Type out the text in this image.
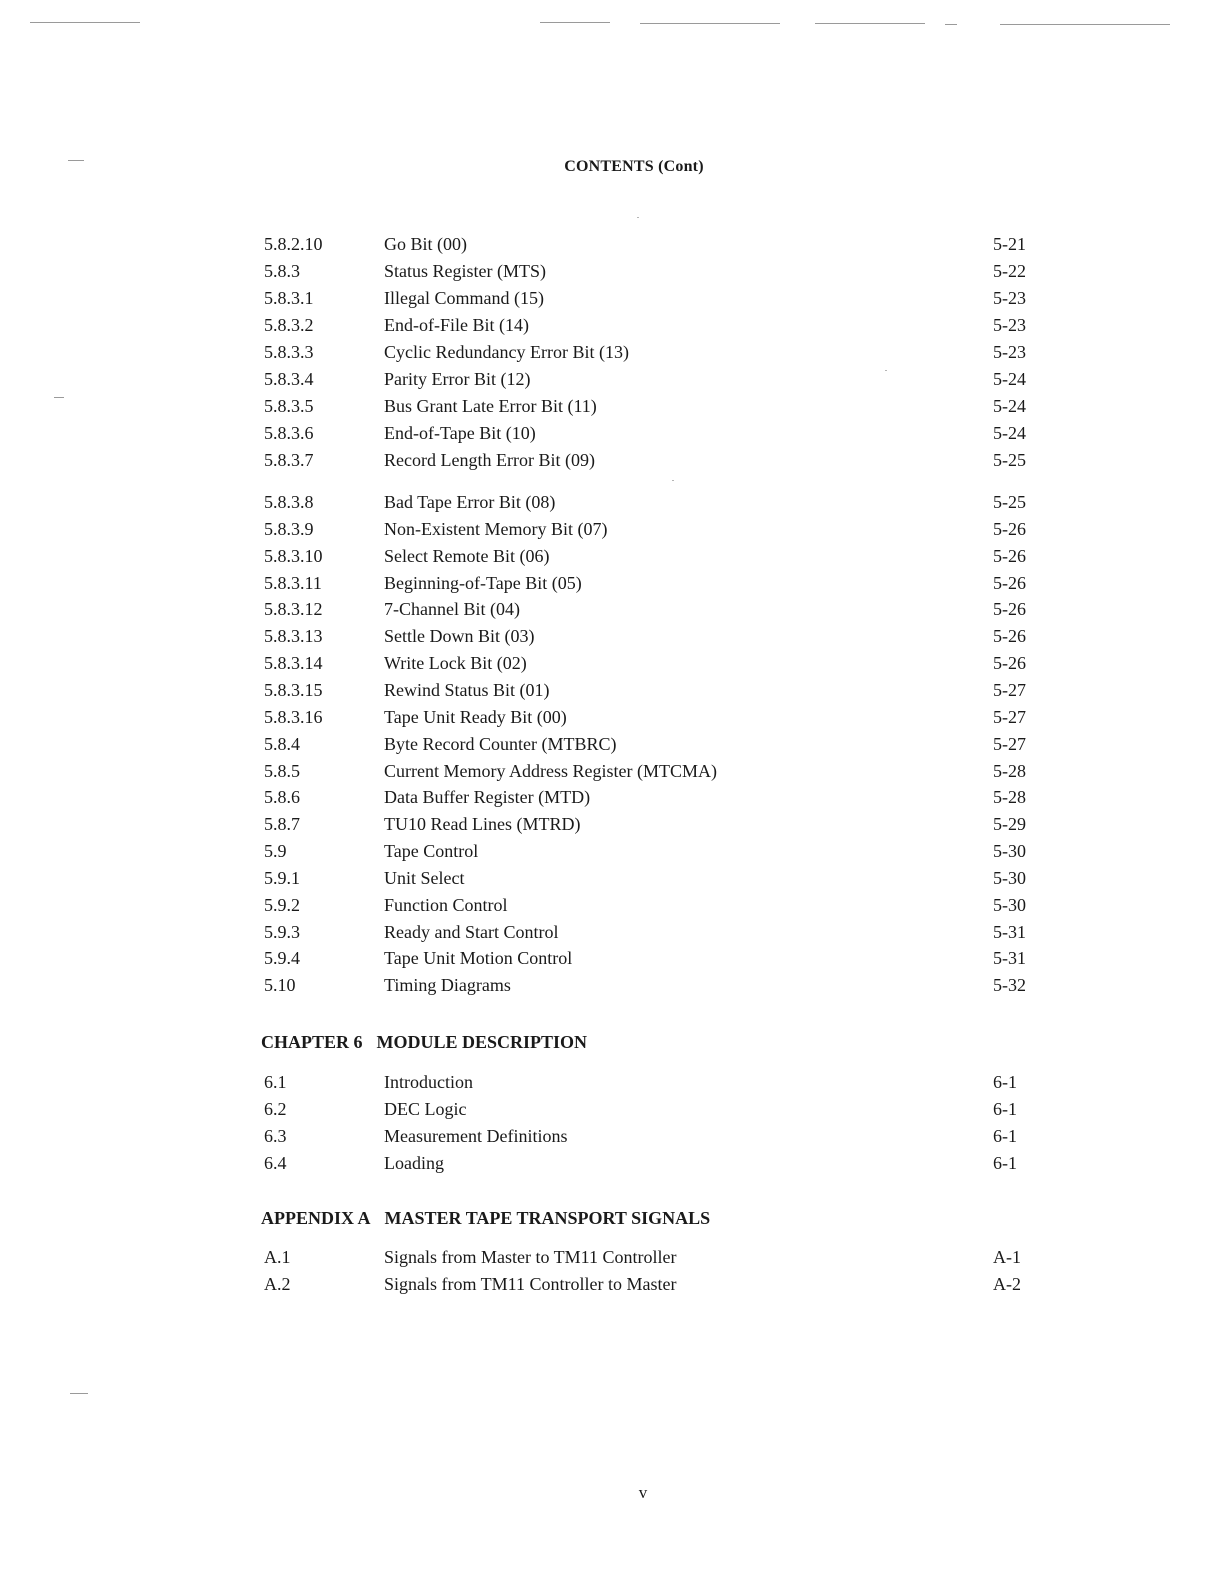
CONTENTS (Cont)
5.8.2.10	Go Bit (00)	5-21
5.8.3	Status Register (MTS)	5-22
5.8.3.1	Illegal Command (15)	5-23
5.8.3.2	End-of-File Bit (14)	5-23
5.8.3.3	Cyclic Redundancy Error Bit (13)	5-23
5.8.3.4	Parity Error Bit (12)	5-24
5.8.3.5	Bus Grant Late Error Bit (11)	5-24
5.8.3.6	End-of-Tape Bit (10)	5-24
5.8.3.7	Record Length Error Bit (09)	5-25
5.8.3.8	Bad Tape Error Bit (08)	5-25
5.8.3.9	Non-Existent Memory Bit (07)	5-26
5.8.3.10	Select Remote Bit (06)	5-26
5.8.3.11	Beginning-of-Tape Bit (05)	5-26
5.8.3.12	7-Channel Bit (04)	5-26
5.8.3.13	Settle Down Bit (03)	5-26
5.8.3.14	Write Lock Bit (02)	5-26
5.8.3.15	Rewind Status Bit (01)	5-27
5.8.3.16	Tape Unit Ready Bit (00)	5-27
5.8.4	Byte Record Counter (MTBRC)	5-27
5.8.5	Current Memory Address Register (MTCMA)	5-28
5.8.6	Data Buffer Register (MTD)	5-28
5.8.7	TU10 Read Lines (MTRD)	5-29
5.9	Tape Control	5-30
5.9.1	Unit Select	5-30
5.9.2	Function Control	5-30
5.9.3	Ready and Start Control	5-31
5.9.4	Tape Unit Motion Control	5-31
5.10	Timing Diagrams	5-32
CHAPTER 6 MODULE DESCRIPTION
6.1	Introduction	6-1
6.2	DEC Logic	6-1
6.3	Measurement Definitions	6-1
6.4	Loading	6-1
APPENDIX A MASTER TAPE TRANSPORT SIGNALS
A.1	Signals from Master to TM11 Controller	A-1
A.2	Signals from TM11 Controller to Master	A-2
v
